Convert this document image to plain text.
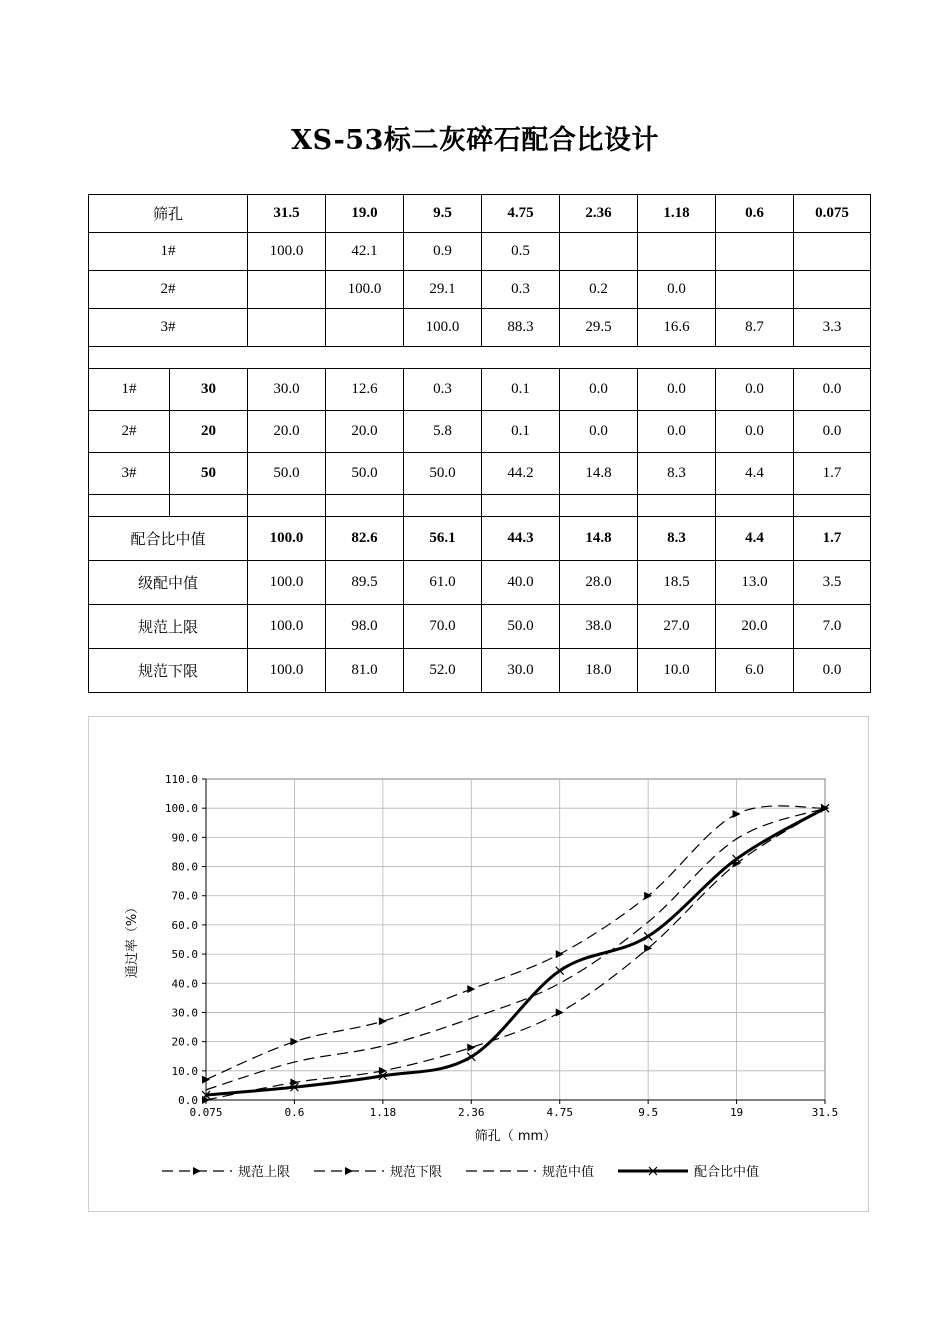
XS-53标二灰碎石配合比设计
筛孔		31.5	19.0	9.5	4.75	2.36	1.18	0.6	0.075
1#		100.0	42.1	0.9	0.5				
2#			100.0	29.1	0.3	0.2	0.0		
3#				100.0	88.3	29.5	16.6	8.7	3.3

1#	30	30.0	12.6	0.3	0.1	0.0	0.0	0.0	0.0
2#	20	20.0	20.0	5.8	0.1	0.0	0.0	0.0	0.0
3#	50	50.0	50.0	50.0	44.2	14.8	8.3	4.4	1.7

配合比中值		100.0	82.6	56.1	44.3	14.8	8.3	4.4	1.7
级配中值		100.0	89.5	61.0	40.0	28.0	18.5	13.0	3.5
规范上限		100.0	98.0	70.0	50.0	38.0	27.0	20.0	7.0
规范下限		100.0	81.0	52.0	30.0	18.0	10.0	6.0	0.0
0.0
10.0
20.0
30.0
40.0
50.0
60.0
70.0
80.0
90.0
100.0
110.0
0.075	0.6	1.18	2.36	4.75	9.5	19	31.5
筛孔（ mm）
通过率（%）
规范上限	规范下限	规范中值	配合比中值
